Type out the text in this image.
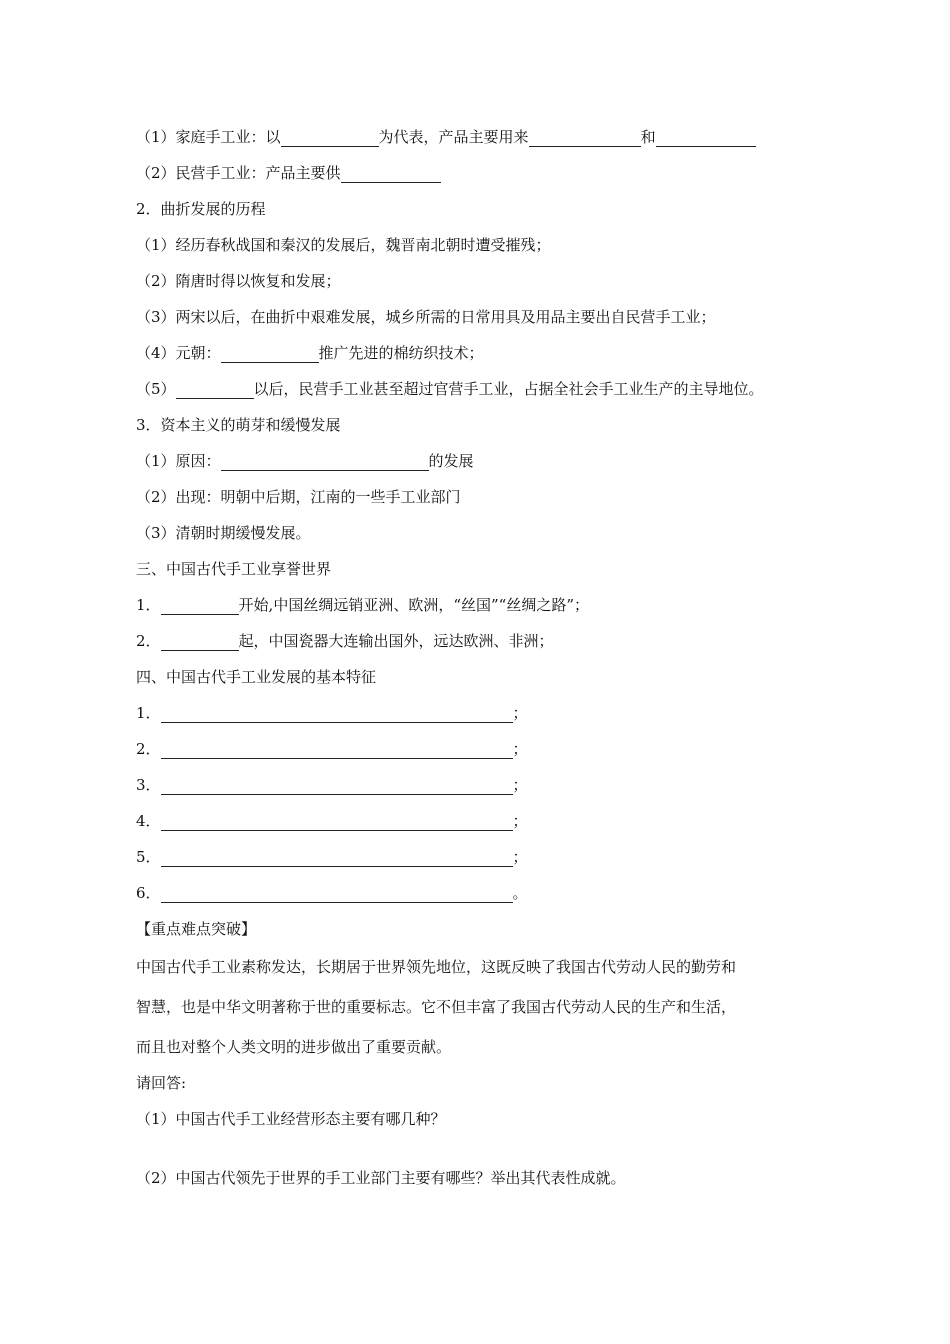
（1）家庭手工业：以	为代表，产品主要用来	和
（2）民营手工业：产品主要供
2．曲折发展的历程
（1）经历春秋战国和秦汉的发展后，魏晋南北朝时遭受摧残；
（2）隋唐时得以恢复和发展；
（3）两宋以后，在曲折中艰难发展，城乡所需的日常用具及用品主要出自民营手工业；
（4）元朝：	推广先进的棉纺织技术；
（5）	以后，民营手工业甚至超过官营手工业，占据全社会手工业生产的主导地位。
3．资本主义的萌芽和缓慢发展
（1）原因：	的发展
（2）出现：明朝中后期，江南的一些手工业部门
（3）清朝时期缓慢发展。
三、中国古代手工业享誉世界
1．	开始,中国丝绸远销亚洲、欧洲，“丝国”“丝绸之路”；
2．	起，中国瓷器大连输出国外，远达欧洲、非洲；
四、中国古代手工业发展的基本特征
1．	；
2．	；
3．	；
4．	；
5．	；
6．	。
【重点难点突破】
中国古代手工业素称发达，长期居于世界领先地位，这既反映了我国古代劳动人民的勤劳和
智慧，也是中华文明著称于世的重要标志。它不但丰富了我国古代劳动人民的生产和生活，
而且也对整个人类文明的进步做出了重要贡献。
请回答:
（1）中国古代手工业经营形态主要有哪几种？
（2）中国古代领先于世界的手工业部门主要有哪些？举出其代表性成就。
